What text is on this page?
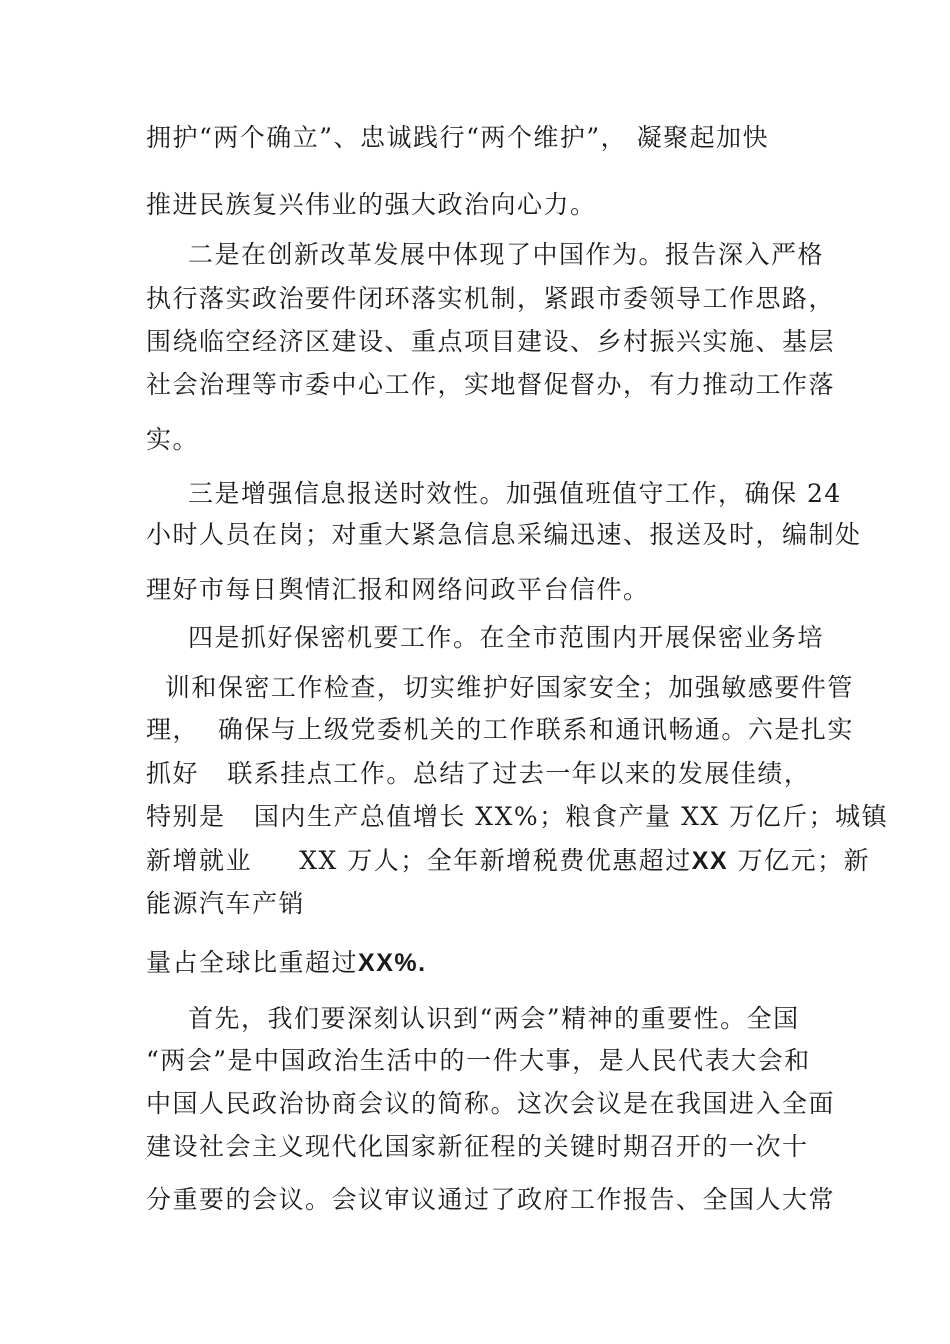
拥护“两个确立”、忠诚践行“两个维护”， 凝聚起加快

推进民族复兴伟业的强大政治向心力。

二是在创新改革发展中体现了中国作为。报告深入严格

执行落实政治要件闭环落实机制，紧跟市委领导工作思路，

围绕临空经济区建设、重点项目建设、乡村振兴实施、基层

社会治理等市委中心工作，实地督促督办，有力推动工作落

实。

三是增强信息报送时效性。加强值班值守工作，确保 24

小时人员在岗；对重大紧急信息采编迅速、报送及时，编制处

理好市每日舆情汇报和网络问政平台信件。

四是抓好保密机要工作。在全市范围内开展保密业务培

训和保密工作检查，切实维护好国家安全；加强敏感要件管

理，  确保与上级党委机关的工作联系和通讯畅通。六是扎实

抓好   联系挂点工作。总结了过去一年以来的发展佳绩，

特别是   国内生产总值增长 XX%；粮食产量 XX 万亿斤；城镇

新增就业     XX 万人；全年新增税费优惠超过XX 万亿元；新

能源汽车产销

量占全球比重超过XX%.

首先，我们要深刻认识到“两会”精神的重要性。全国

“两会”是中国政治生活中的一件大事，是人民代表大会和

中国人民政治协商会议的简称。这次会议是在我国进入全面

建设社会主义现代化国家新征程的关键时期召开的一次十

分重要的会议。会议审议通过了政府工作报告、全国人大常
